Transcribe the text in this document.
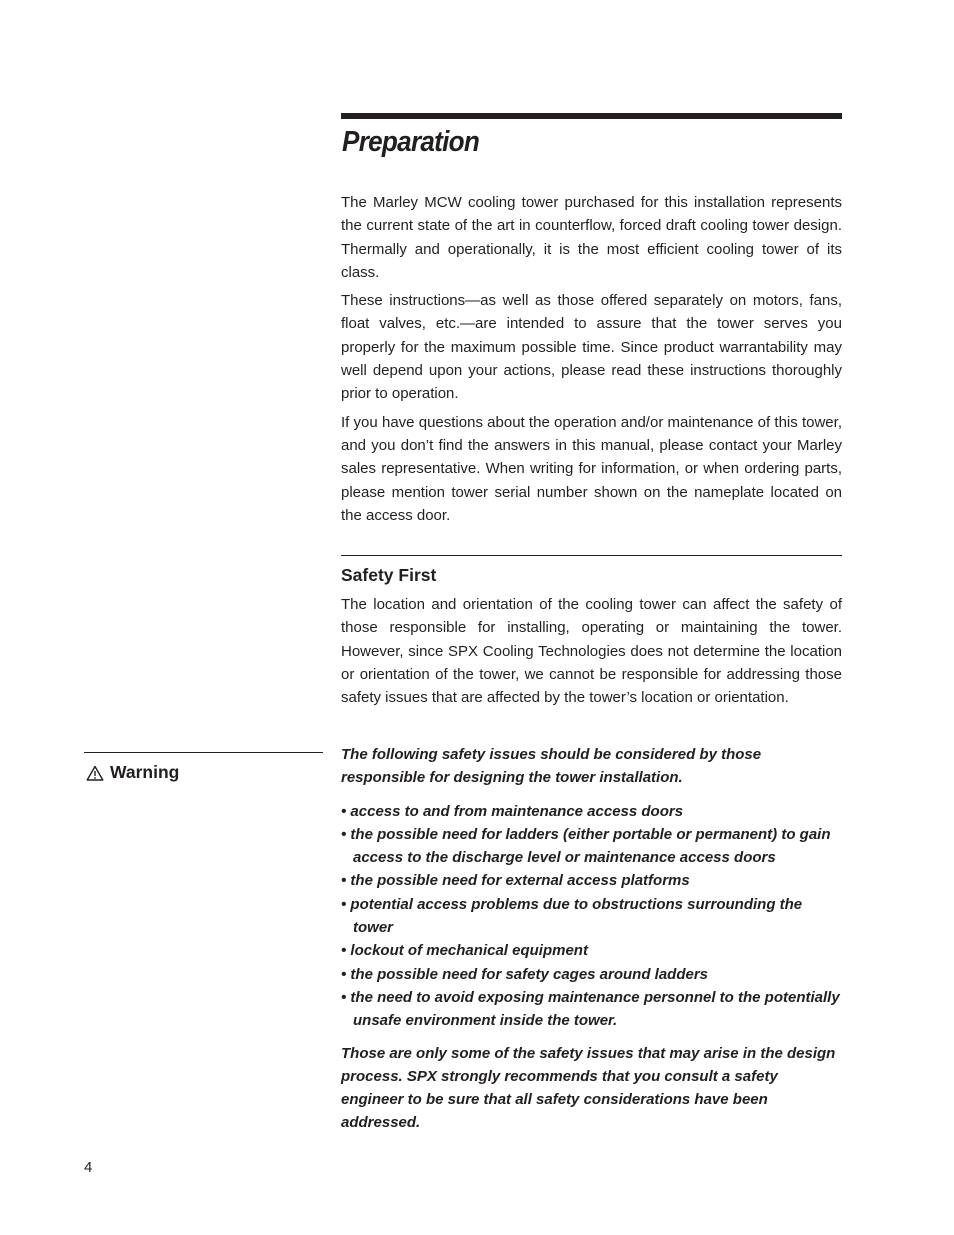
Preparation

The Marley MCW cooling tower purchased for this installation represents the current state of the art in counterflow, forced draft cooling tower design. Thermally and operationally, it is the most efficient cooling tower of its class.

These instructions—as well as those offered separately on motors, fans, float valves, etc.—are intended to assure that the tower serves you properly for the maximum possible time. Since product warrantability may well depend upon your actions, please read these instructions thoroughly prior to operation.

If you have questions about the operation and/or maintenance of this tower, and you don’t find the answers in this manual, please contact your Marley sales representative. When writing for information, or when ordering parts, please mention tower serial number shown on the nameplate located on the access door.

Safety First

The location and orientation of the cooling tower can affect the safety of those responsible for installing, operating or maintaining the tower. However, since SPX Cooling Technologies does not determine the location or orientation of the tower, we cannot be responsible for addressing those safety issues that are affected by the tower’s location or orientation.

Warning

The following safety issues should be considered by those responsible for designing the tower installation.

• access to and from maintenance access doors
• the possible need for ladders (either portable or permanent) to gain access to the discharge level or maintenance access doors
• the possible need for external access platforms
• potential access problems due to obstructions surrounding the tower
• lockout of mechanical equipment
• the possible need for safety cages around ladders
• the need to avoid exposing maintenance personnel to the potentially unsafe environment inside the tower.

Those are only some of the safety issues that may arise in the design process. SPX strongly recommends that you consult a safety engineer to be sure that all safety considerations have been addressed.

4
